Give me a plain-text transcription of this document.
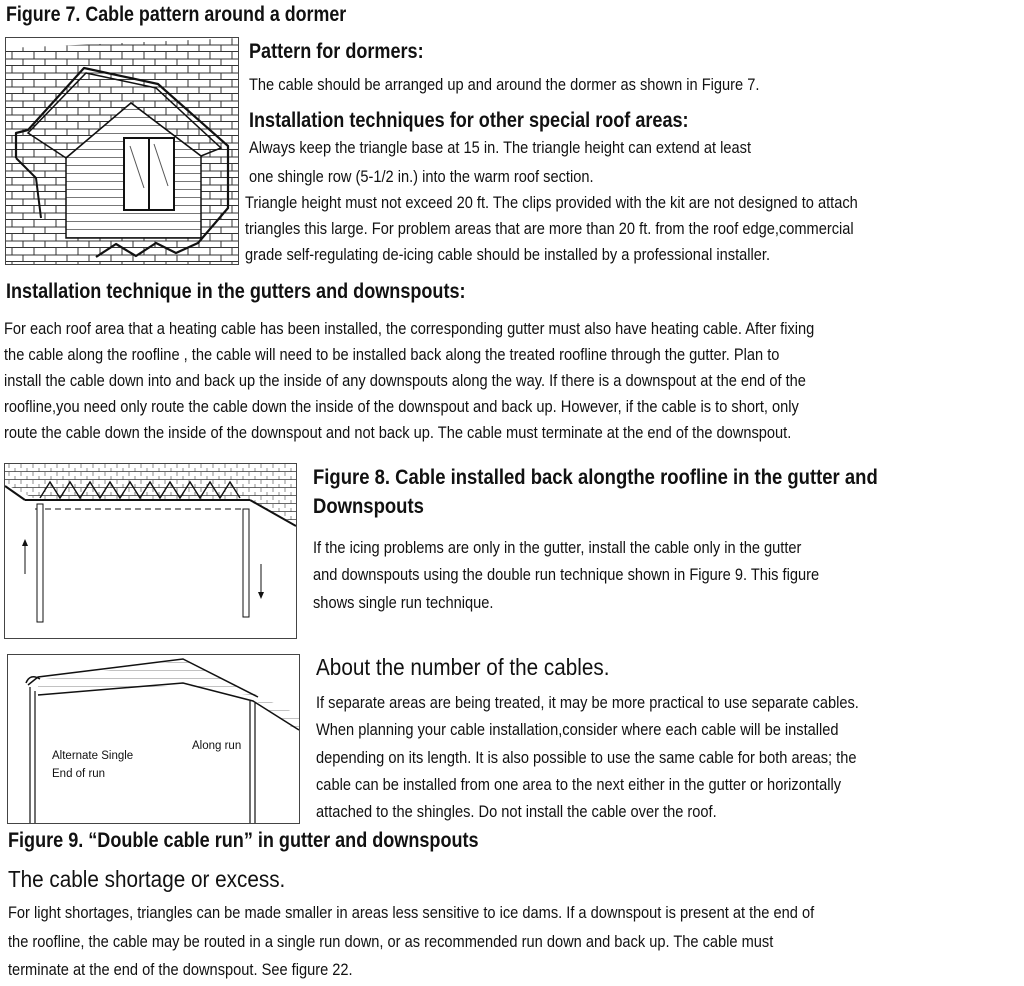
Figure 7. Cable pattern around a dormer
Pattern for dormers:
The cable should be arranged up and around the dormer as shown in Figure 7.
Installation techniques for other special roof areas:
Always keep the triangle base at 15 in. The triangle height can extend at least
one shingle row (5-1/2 in.) into the warm roof section.
Triangle height must not exceed 20 ft. The clips provided with the kit are not designed to attach
triangles this large. For problem areas that are more than 20 ft. from the roof edge,commercial
grade self-regulating de-icing cable should be installed by a professional installer.
Installation technique in the gutters and downspouts:
For each roof area that a heating cable has been installed, the corresponding gutter must also have heating cable. After fixing
the cable along the roofline , the cable will need to be installed back along the treated roofline through the gutter. Plan to
install the cable down into and back up the inside of any downspouts along the way. If there is a downspout at the end of the
roofline,you need only route the cable down the inside of the downspout and back up. However, if the cable is to short, only
route the cable down the inside of the downspout and not back up. The cable must terminate at the end of the downspout.
Figure 8. Cable installed back alongthe roofline in the gutter and
Downspouts
If the icing problems are only in the gutter, install the cable only in the gutter
and downspouts using the double run technique shown in Figure 9. This figure
shows single run technique.
Alternate Single
End of run
Along run
About the number of the cables.
If separate areas are being treated, it may be more practical to use separate cables.
When planning your cable installation,consider where each cable will be installed
depending on its length. It is also possible to use the same cable for both areas; the
cable can be installed from one area to the next either in the gutter or horizontally
attached to the shingles. Do not install the cable over the roof.
Figure 9. “Double cable run” in gutter and downspouts
The cable shortage or excess.
For light shortages, triangles can be made smaller in areas less sensitive to ice dams. If a downspout is present at the end of
the roofline, the cable may be routed in a single run down, or as recommended run down and back up. The cable must
terminate at the end of the downspout. See figure 22.
